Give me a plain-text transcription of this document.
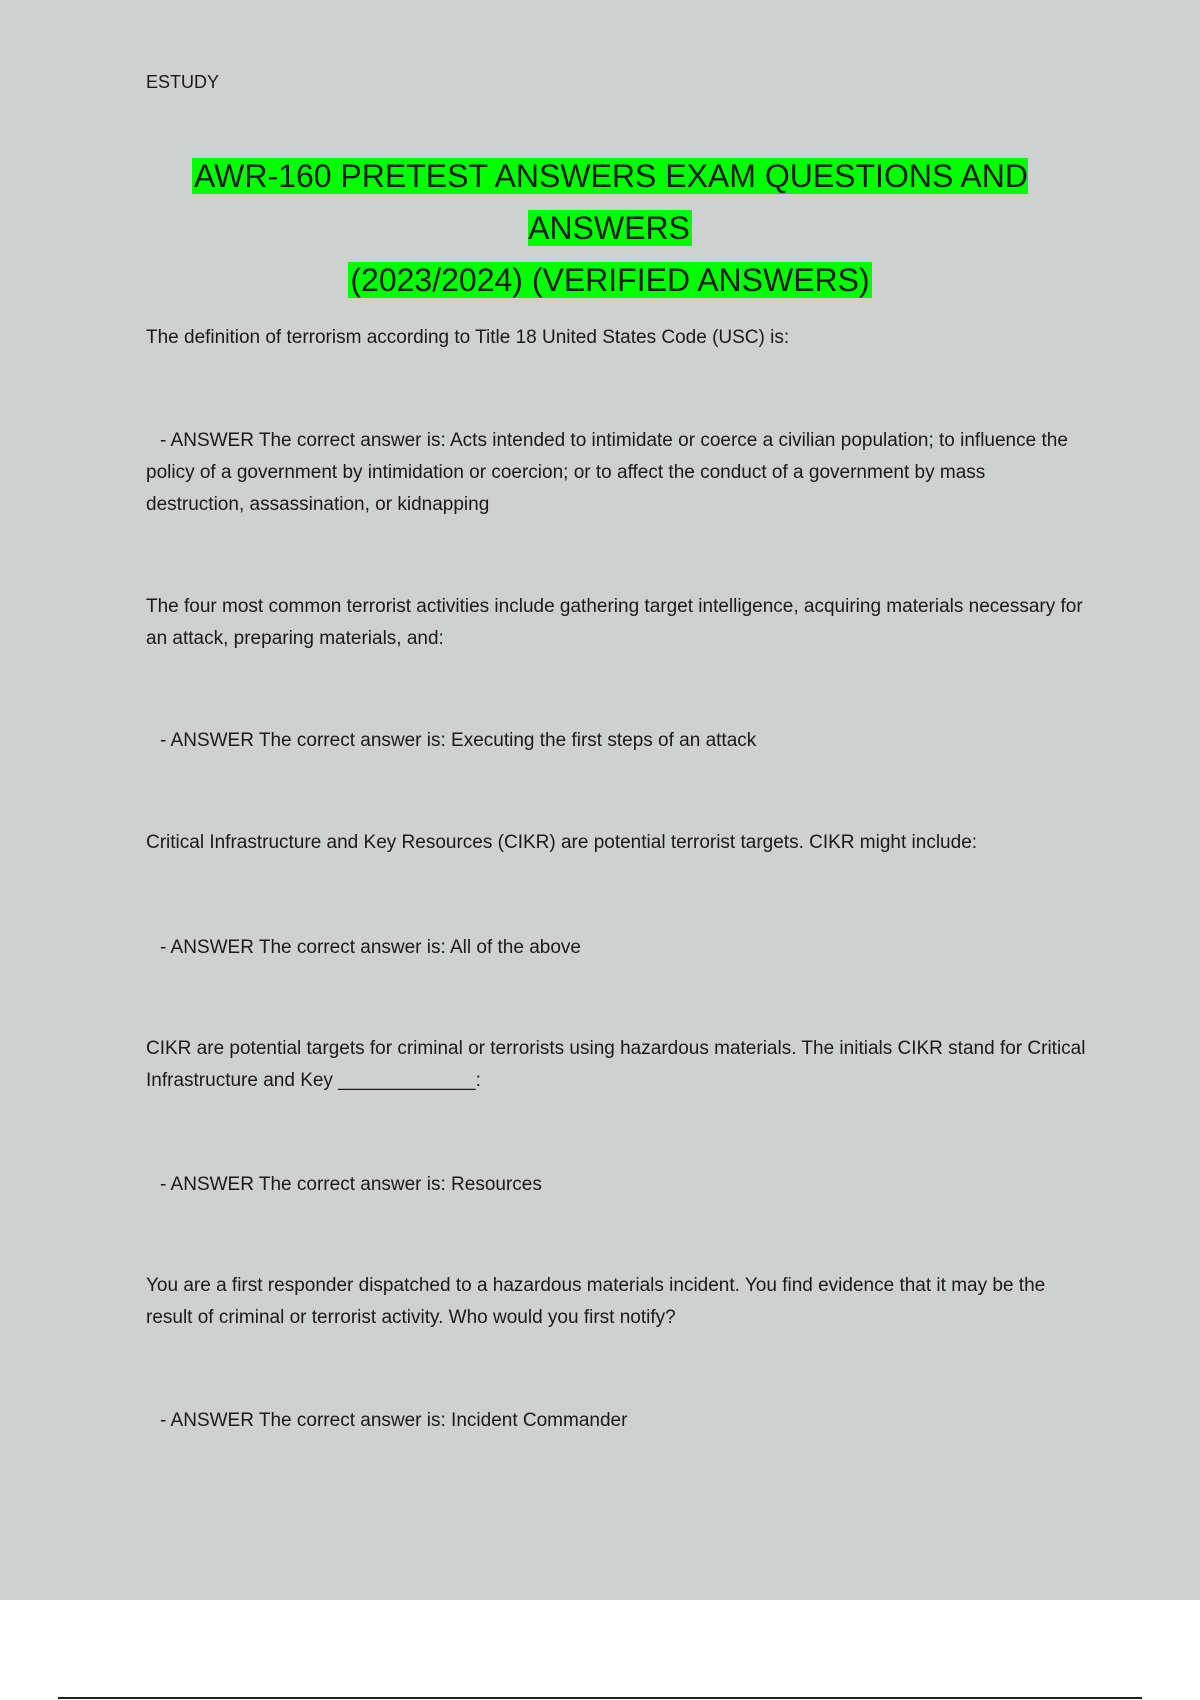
ESTUDY
AWR-160 PRETEST ANSWERS EXAM QUESTIONS AND ANSWERS
(2023/2024) (VERIFIED ANSWERS)
The definition of terrorism according to Title 18 United States Code (USC) is:
- ANSWER The correct answer is: Acts intended to intimidate or coerce a civilian population; to influence the policy of a government by intimidation or coercion; or to affect the conduct of a government by mass destruction, assassination, or kidnapping
The four most common terrorist activities include gathering target intelligence, acquiring materials necessary for an attack, preparing materials, and:
- ANSWER The correct answer is: Executing the first steps of an attack
Critical Infrastructure and Key Resources (CIKR) are potential terrorist targets. CIKR might include:
- ANSWER The correct answer is: All of the above
CIKR are potential targets for criminal or terrorists using hazardous materials. The initials CIKR stand for Critical Infrastructure and Key _____________:
- ANSWER The correct answer is: Resources
You are a first responder dispatched to a hazardous materials incident. You find evidence that it may be the result of criminal or terrorist activity. Who would you first notify?
- ANSWER The correct answer is: Incident Commander
